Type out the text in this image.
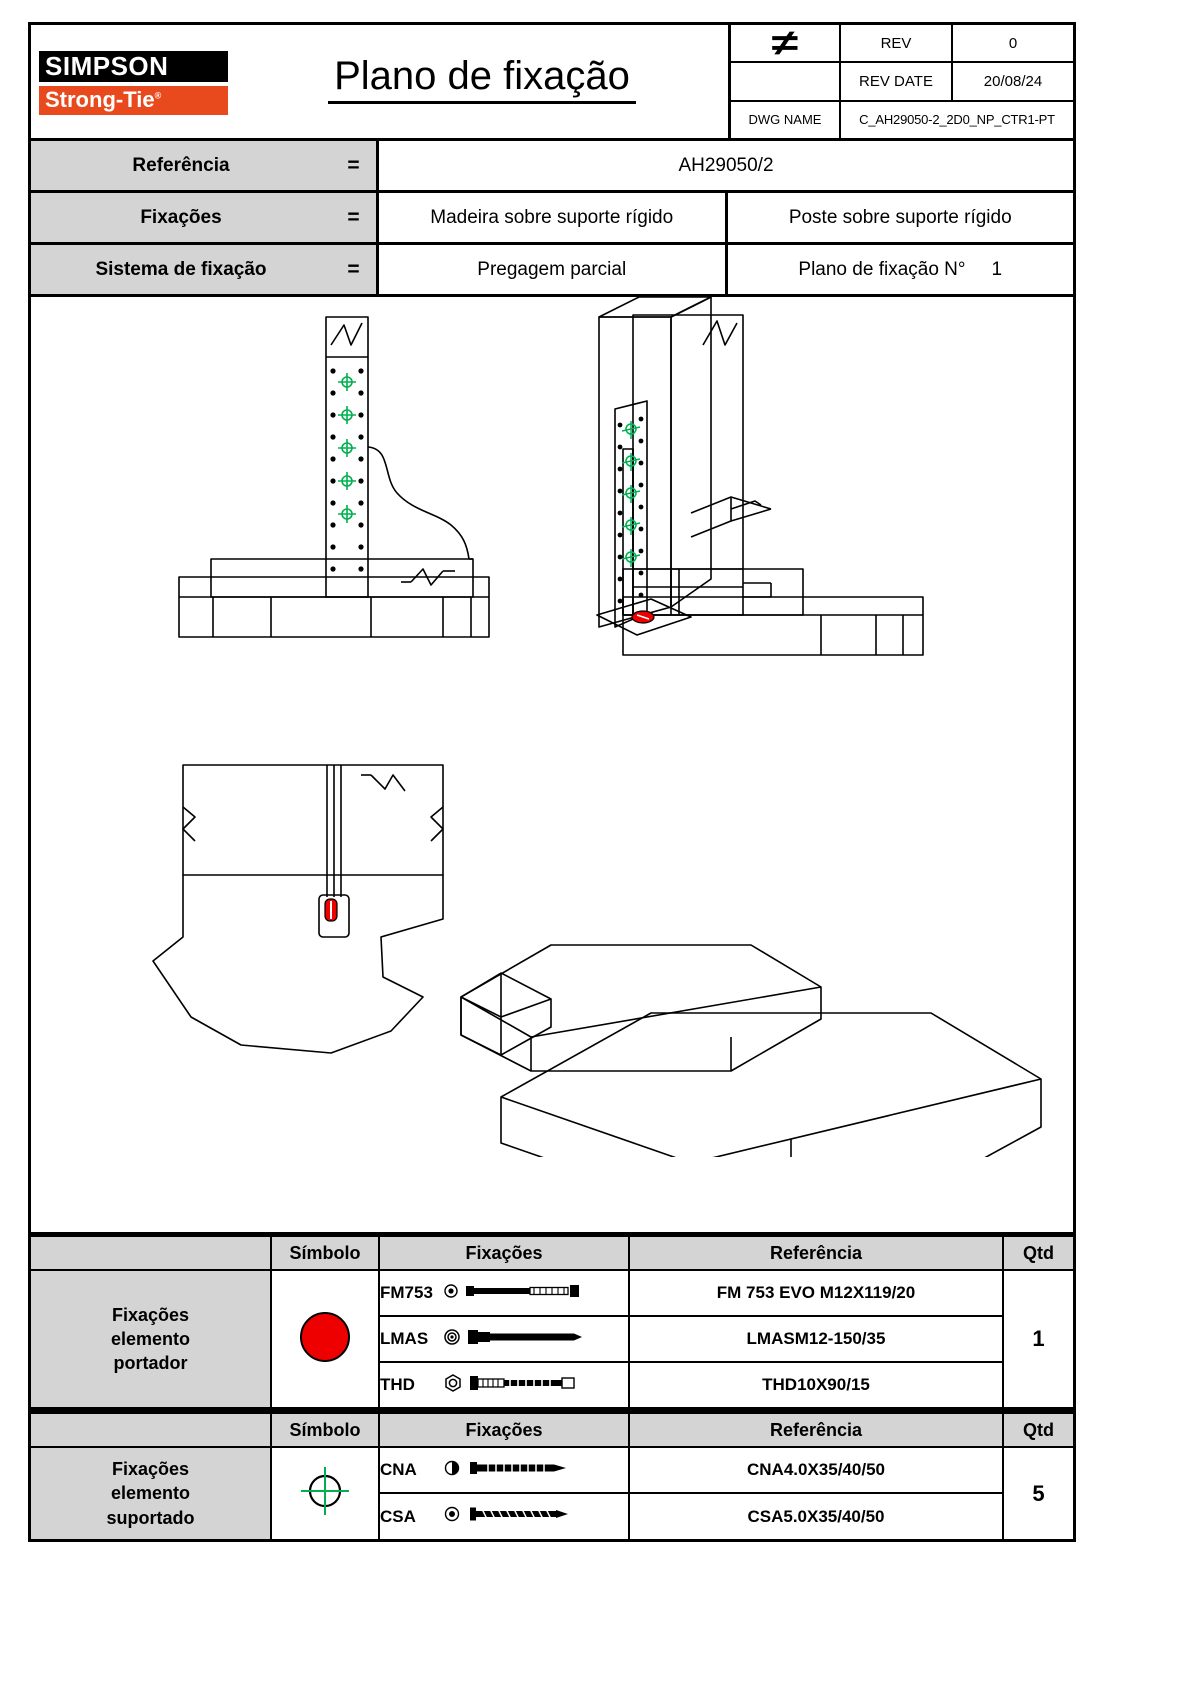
SIMPSON
Strong-Tie®	Plano de fixação
≠	REV	0
REV DATE	20/08/24
DWG NAME	C_AH29050-2_2D0_NP_CTR1-PT
Referência	=	AH29050/2
Fixações	=	Madeira sobre suporte rígido	Poste sobre suporte rígido
Sistema de fixação	=	Pregagem parcial	Plano de fixação N° 1
	Símbolo	Fixações	Referência	Qtd

Fixações
elemento
portador		FM753	FM 753 EVO M12X119/20	1

		LMAS	LMASM12-150/35	

		THD	THD10X90/15	
	Símbolo	Fixações	Referência	Qtd

Fixações
elemento
suportado		CNA	CNA4.0X35/40/50	5

		CSA	CSA5.0X35/40/50	
